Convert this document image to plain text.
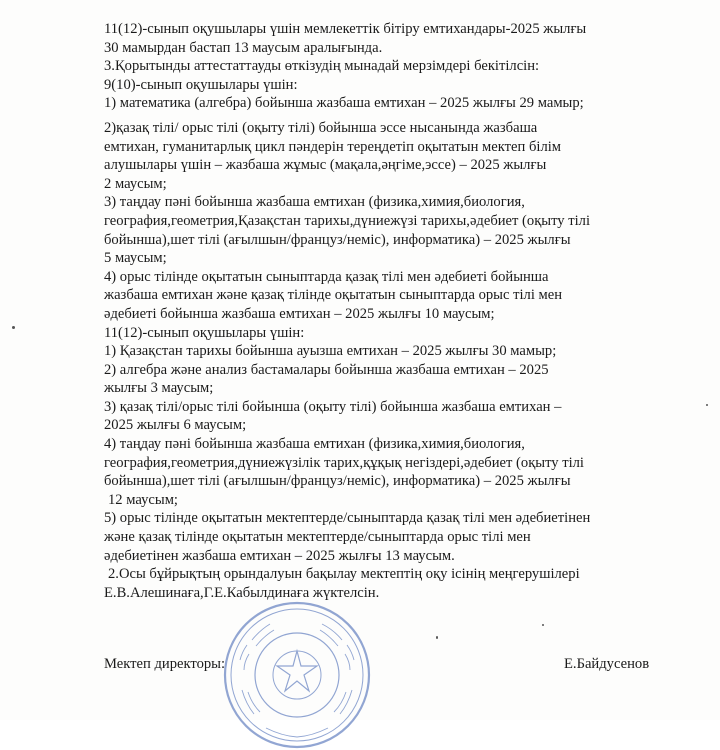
11(12)-сынып оқушылары үшін мемлекеттік бітіру емтихандары-2025 жылғы
30 мамырдан бастап 13 маусым аралығында.
3.Қорытынды аттестаттауды өткізудің мынадай мерзімдері бекітілсін:
9(10)-сынып оқушылары үшін:
1) математика (алгебра) бойынша жазбаша емтихан – 2025 жылғы 29 мамыр;
2)қазақ тілі/ орыс тілі (оқыту тілі) бойынша эссе нысанында жазбаша
емтихан, гуманитарлық цикл пәндерін тереңдетіп оқытатын мектеп білім
алушылары үшін – жазбаша жұмыс (мақала,әңгіме,эссе) – 2025 жылғы
2 маусым;
3) таңдау пәні бойынша жазбаша емтихан (физика,химия,биология,
география,геометрия,Қазақстан тарихы,дүниежүзі тарихы,әдебиет (оқыту тілі
бойынша),шет тілі (ағылшын/француз/неміс), информатика) – 2025 жылғы
5 маусым;
4) орыс тілінде оқытатын сыныптарда қазақ тілі мен әдебиеті бойынша
жазбаша емтихан және қазақ тілінде оқытатын сыныптарда орыс тілі мен
әдебиеті бойынша жазбаша емтихан – 2025 жылғы 10 маусым;
11(12)-сынып оқушылары үшін:
1) Қазақстан тарихы бойынша ауызша емтихан – 2025 жылғы 30 мамыр;
2) алгебра және анализ бастамалары бойынша жазбаша емтихан – 2025
жылғы 3 маусым;
3) қазақ тілі/орыс тілі бойынша (оқыту тілі) бойынша жазбаша емтихан –
2025 жылғы 6 маусым;
4) таңдау пәні бойынша жазбаша емтихан (физика,химия,биология,
география,геометрия,дүниежүзілік тарих,құқық негіздері,әдебиет (оқыту тілі
бойынша),шет тілі (ағылшын/француз/неміс), информатика) – 2025 жылғы
12 маусым;
5) орыс тілінде оқытатын мектептерде/сыныптарда қазақ тілі мен әдебиетінен
және қазақ тілінде оқытатын мектептерде/сыныптарда орыс тілі мен
әдебиетінен жазбаша емтихан – 2025 жылғы 13 маусым.
2.Осы бұйрықтың орындалуын бақылау мектептің оқу ісінің меңгерушілері
Е.В.Алешинаға,Г.Е.Кабылдинаға жүктелсін.
Мектеп директоры:	Е.Байдусенов
